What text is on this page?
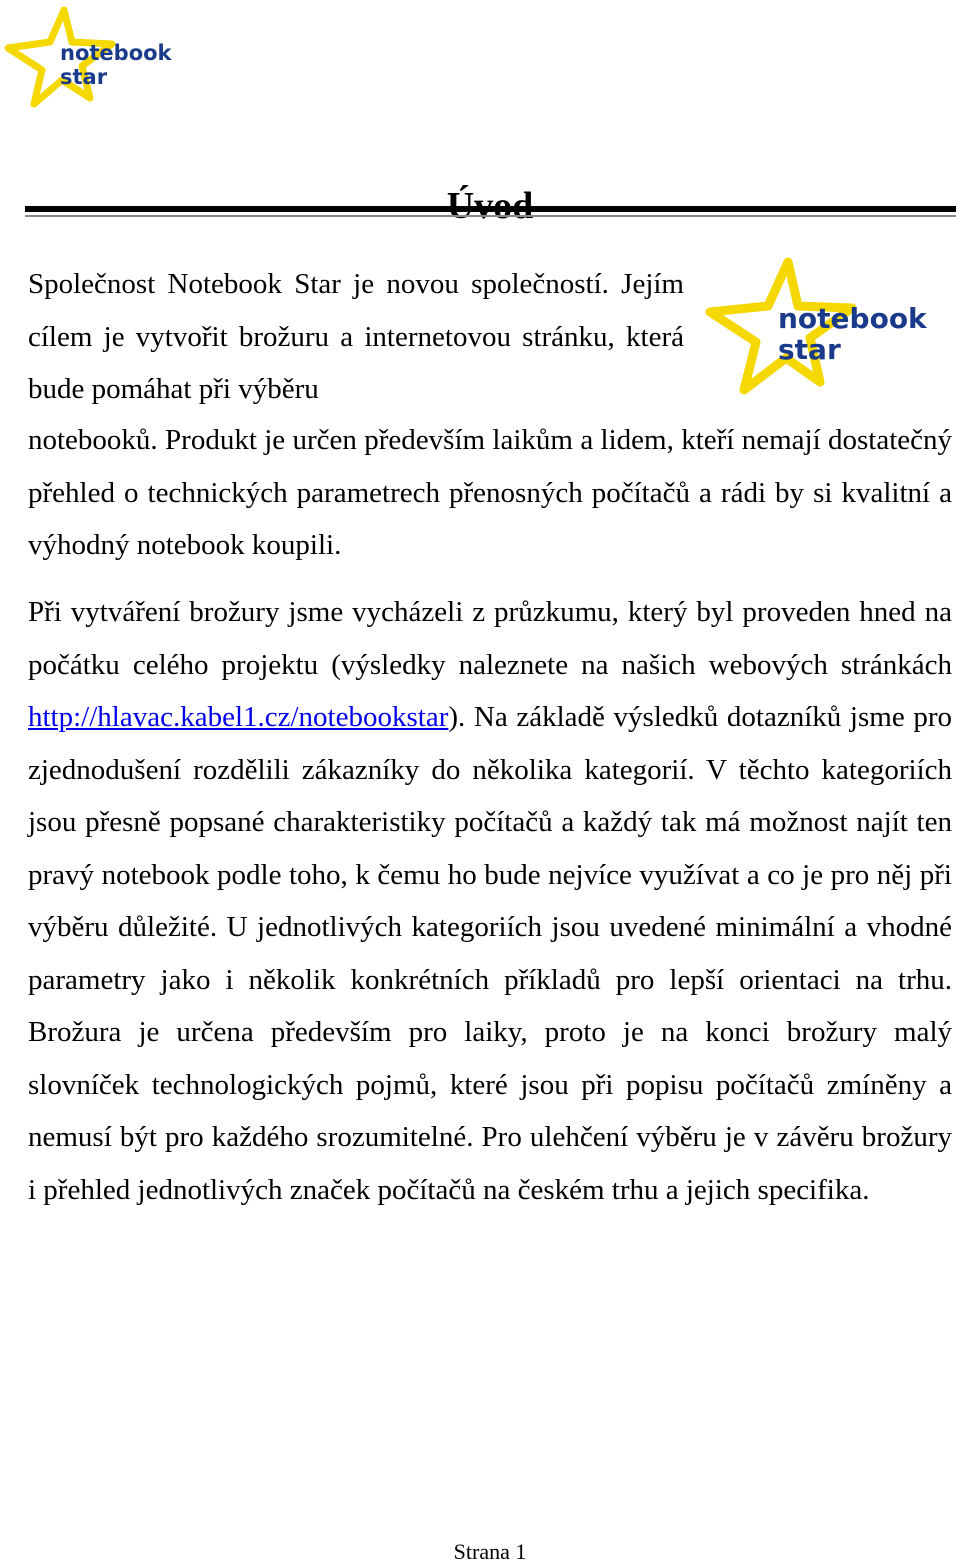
notebook
star
notebook
star

Společnost Notebook Star je novou společností. Jejím cílem je vytvořit brožuru a internetovou stránku, která bude pomáhat při výběru

notebooků. Produkt je určen především laikům a lidem, kteří nemají dostatečný přehled o technických parametrech přenosných počítačů a rádi by si kvalitní a výhodný notebook koupili.

Při vytváření brožury jsme vycházeli z průzkumu, který byl proveden hned na počátku celého projektu (výsledky naleznete na našich webových stránkách http://hlavac.kabel1.cz/notebookstar). Na základě výsledků dotazníků jsme pro zjednodušení rozdělili zákazníky do několika kategorií. V těchto kategoriích jsou přesně popsané charakteristiky počítačů a každý tak má možnost najít ten pravý notebook podle toho, k čemu ho bude nejvíce využívat a co je pro něj při výběru důležité. U jednotlivých kategoriích jsou uvedené minimální a vhodné parametry jako i několik konkrétních příkladů pro lepší orientaci na trhu. Brožura je určena především pro laiky, proto je na konci brožury malý slovníček technologických pojmů, které jsou při popisu počítačů zmíněny a nemusí být pro každého srozumitelné. Pro ulehčení výběru je v závěru brožury i přehled jednotlivých značek počítačů na českém trhu a jejich specifika.

Strana 1
